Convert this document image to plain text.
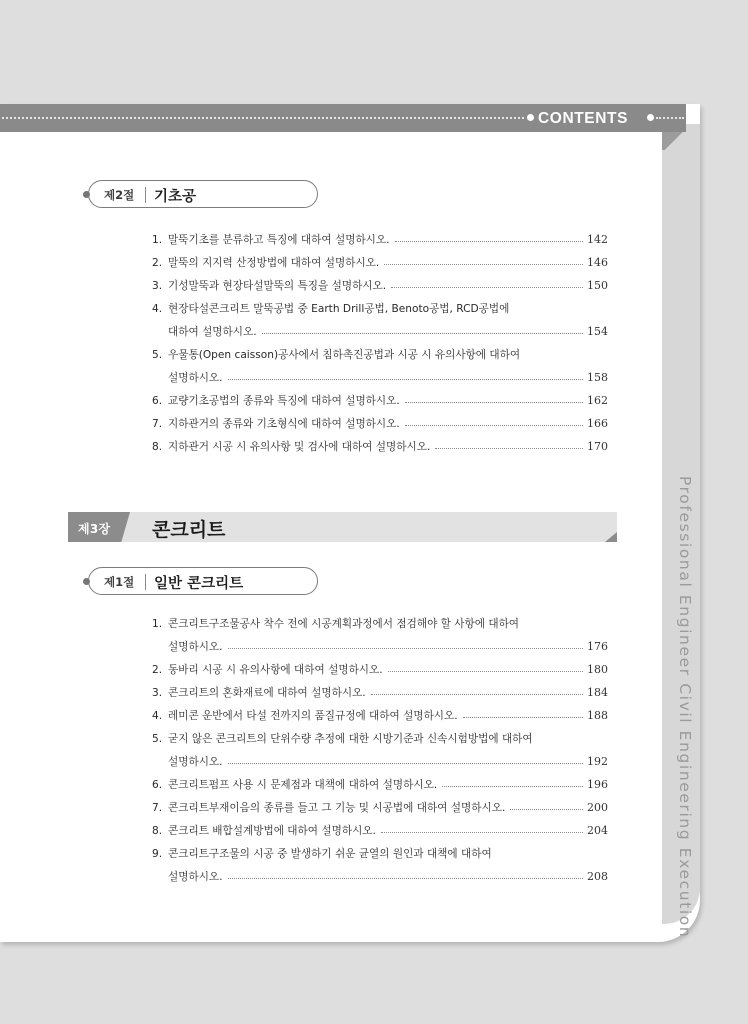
Professional Engineer Civil Engineering Execution
CONTENTS
제2절 기초공
1. 말뚝기초를 분류하고 특징에 대하여 설명하시오.	142
2. 말뚝의 지지력 산정방법에 대하여 설명하시오.	146
3. 기성말뚝과 현장타설말뚝의 특징을 설명하시오.	150
4. 현장타설콘크리트 말뚝공법 중 Earth Drill공법, Benoto공법, RCD공법에
대하여 설명하시오.	154
5. 우물통(Open caisson)공사에서 침하촉진공법과 시공 시 유의사항에 대하여
설명하시오.	158
6. 교량기초공법의 종류와 특징에 대하여 설명하시오.	162
7. 지하관거의 종류와 기초형식에 대하여 설명하시오.	166
8. 지하관거 시공 시 유의사항 및 검사에 대하여 설명하시오.	170
제3장 콘크리트
제1절 일반 콘크리트
1. 콘크리트구조물공사 착수 전에 시공계획과정에서 점검해야 할 사항에 대하여
설명하시오.	176
2. 동바리 시공 시 유의사항에 대하여 설명하시오.	180
3. 콘크리트의 혼화재료에 대하여 설명하시오.	184
4. 레미콘 운반에서 타설 전까지의 품질규정에 대하여 설명하시오.	188
5. 굳지 않은 콘크리트의 단위수량 추정에 대한 시방기준과 신속시험방법에 대하여
설명하시오.	192
6. 콘크리트펌프 사용 시 문제점과 대책에 대하여 설명하시오.	196
7. 콘크리트부재이음의 종류를 들고 그 기능 및 시공법에 대하여 설명하시오.	200
8. 콘크리트 배합설계방법에 대하여 설명하시오.	204
9. 콘크리트구조물의 시공 중 발생하기 쉬운 균열의 원인과 대책에 대하여
설명하시오.	208
